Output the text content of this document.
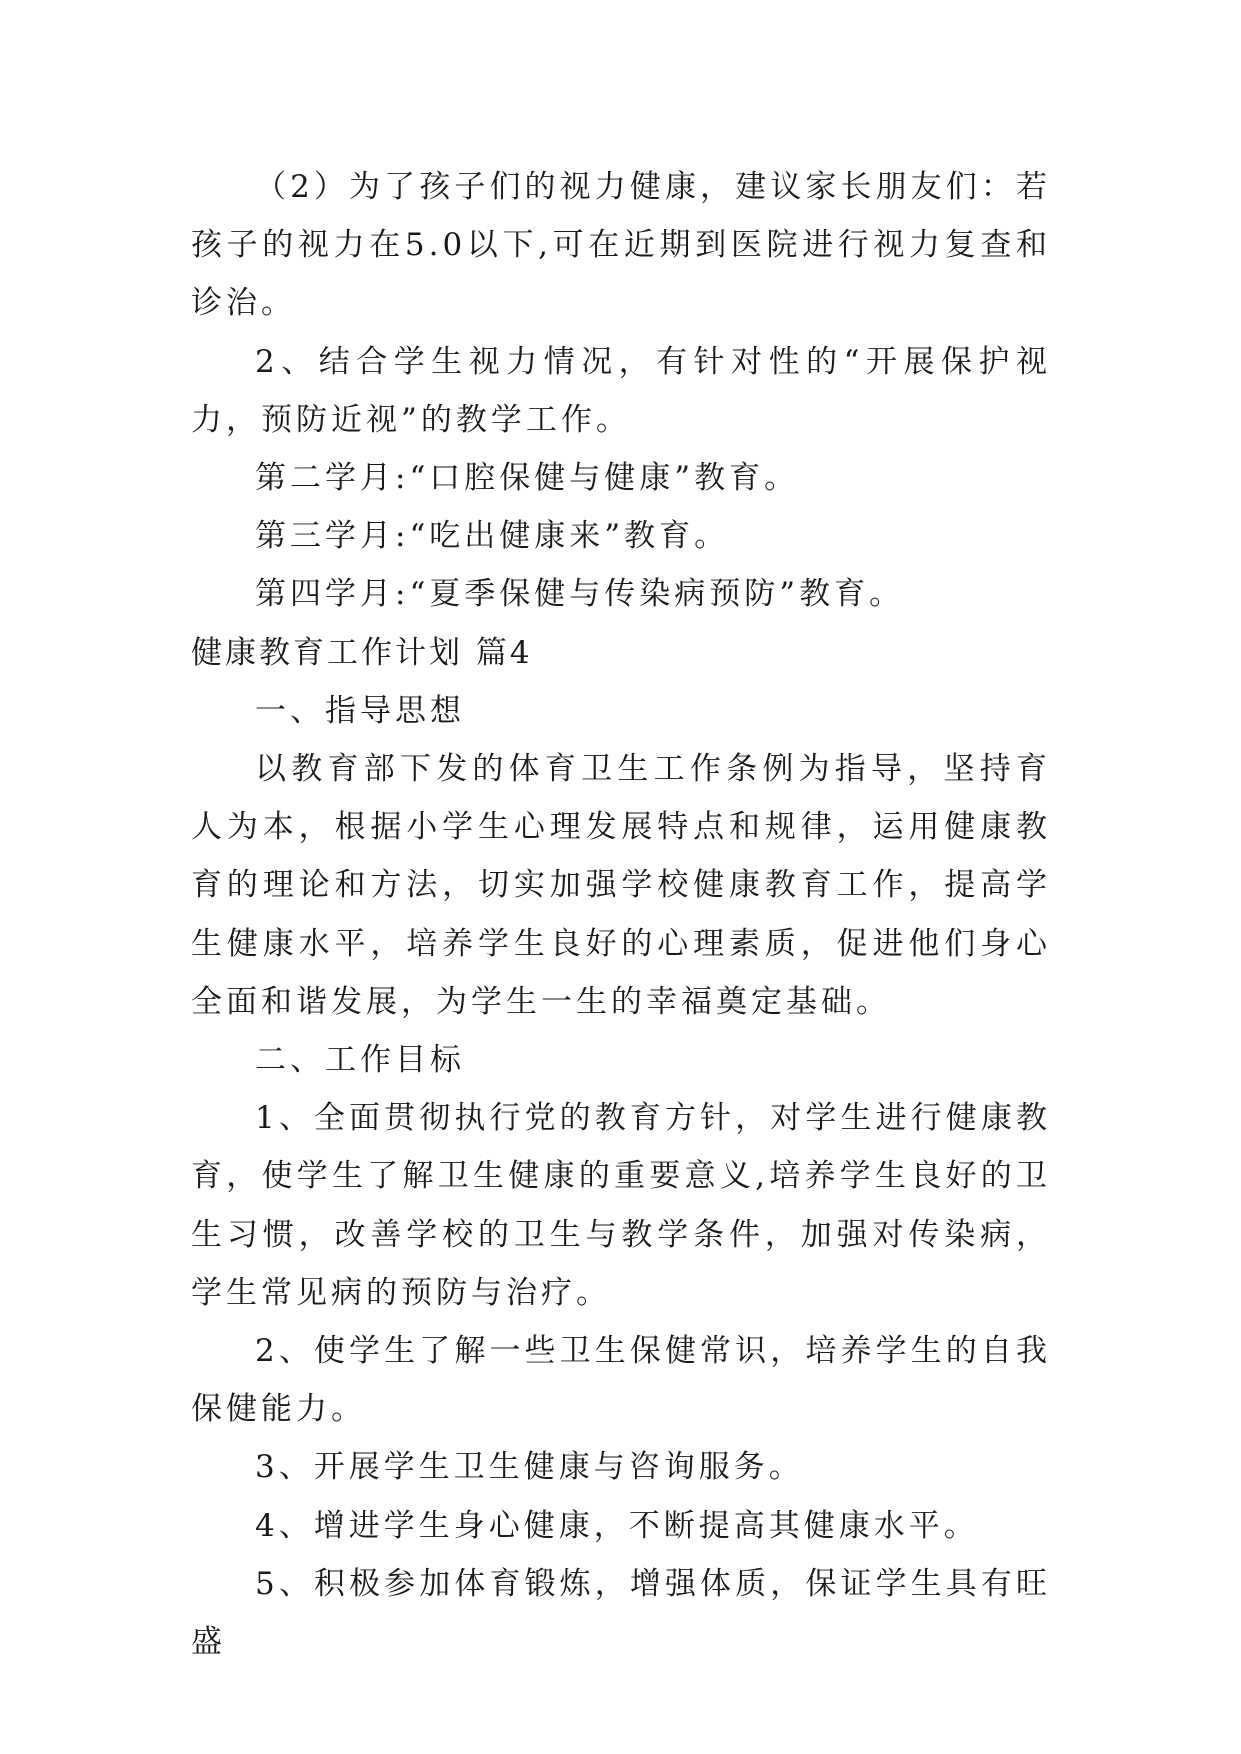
（2）为了孩子们的视力健康，建议家长朋友们：若孩子的视力在5.0以下,可在近期到医院进行视力复查和诊治。

2、结合学生视力情况，有针对性的“开展保护视力，预防近视”的教学工作。

第二学月:“口腔保健与健康”教育。

第三学月:“吃出健康来”教育。

第四学月:“夏季保健与传染病预防”教育。

健康教育工作计划 篇4
一、指导思想

以教育部下发的体育卫生工作条例为指导，坚持育人为本，根据小学生心理发展特点和规律，运用健康教育的理论和方法，切实加强学校健康教育工作，提高学生健康水平，培养学生良好的心理素质，促进他们身心全面和谐发展，为学生一生的幸福奠定基础。

二、工作目标

1、全面贯彻执行党的教育方针，对学生进行健康教育，使学生了解卫生健康的重要意义,培养学生良好的卫生习惯，改善学校的卫生与教学条件，加强对传染病，学生常见病的预防与治疗。

2、使学生了解一些卫生保健常识，培养学生的自我保健能力。

3、开展学生卫生健康与咨询服务。

4、增进学生身心健康，不断提高其健康水平。

5、积极参加体育锻炼，增强体质，保证学生具有旺盛
